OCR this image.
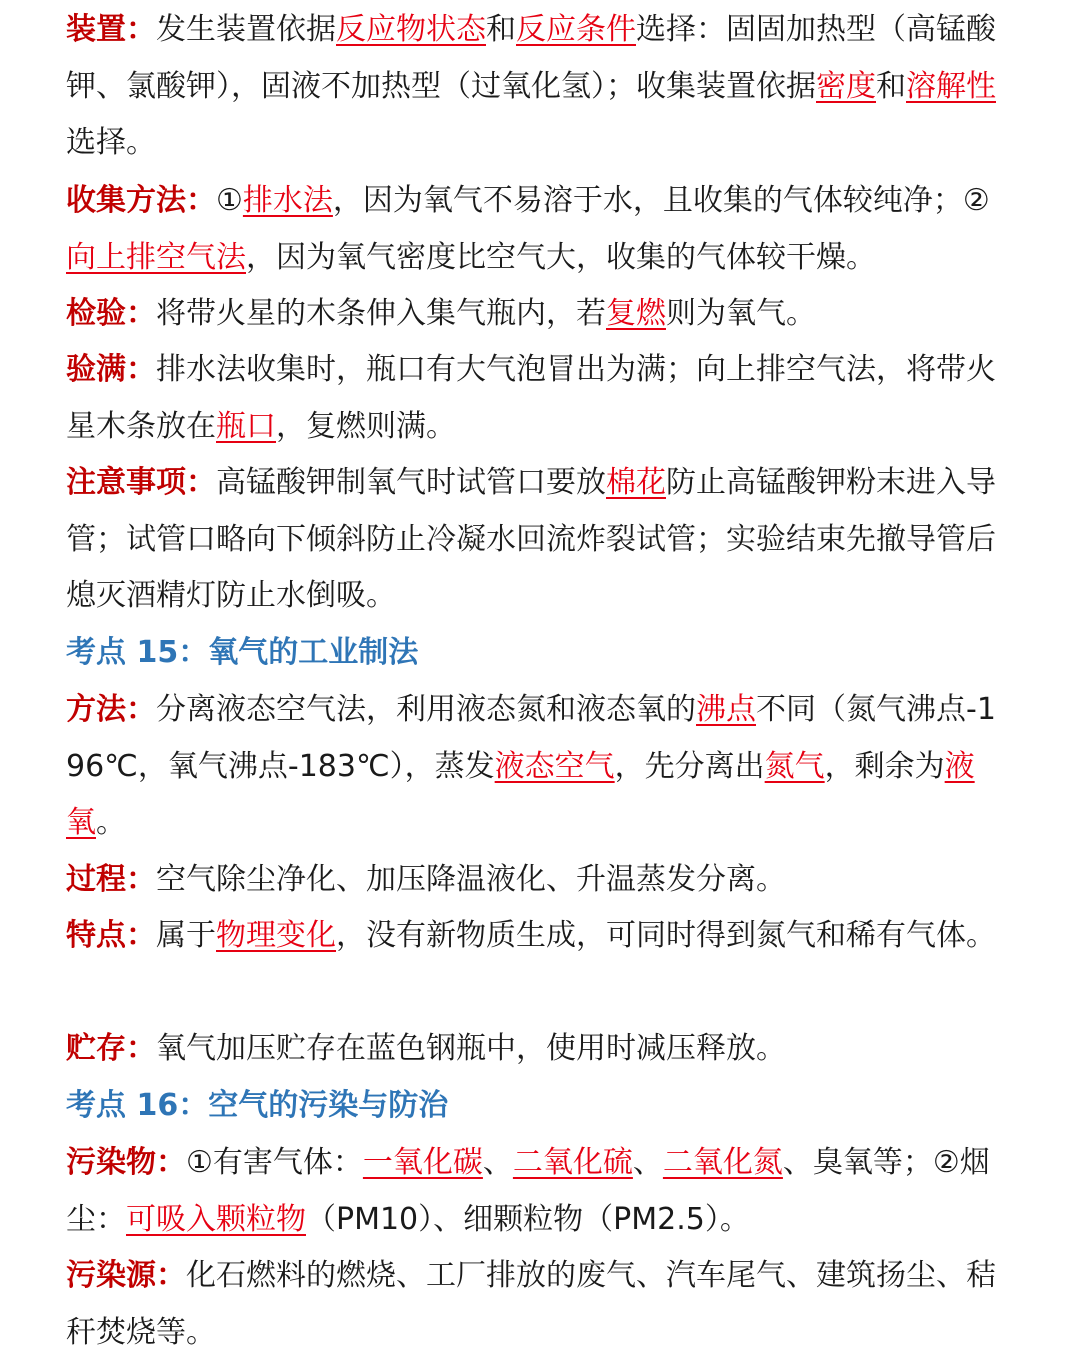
装置：发生装置依据反应物状态和反应条件选择：固固加热型（高锰酸钾、氯酸钾），固液不加热型（过氧化氢）；收集装置依据密度和溶解性选择。

收集方法：①排水法，因为氧气不易溶于水，且收集的气体较纯净；②向上排空气法，因为氧气密度比空气大，收集的气体较干燥。

检验：将带火星的木条伸入集气瓶内，若复燃则为氧气。

验满：排水法收集时，瓶口有大气泡冒出为满；向上排空气法，将带火星木条放在瓶口，复燃则满。

注意事项：高锰酸钾制氧气时试管口要放棉花防止高锰酸钾粉末进入导管；试管口略向下倾斜防止冷凝水回流炸裂试管；实验结束先撤导管后熄灭酒精灯防止水倒吸。

考点 15：氧气的工业制法

方法：分离液态空气法，利用液态氮和液态氧的沸点不同（氮气沸点-196℃，氧气沸点-183℃），蒸发液态空气，先分离出氮气，剩余为液氧。

过程：空气除尘净化、加压降温液化、升温蒸发分离。

特点：属于物理变化，没有新物质生成，可同时得到氮气和稀有气体。

贮存：氧气加压贮存在蓝色钢瓶中，使用时减压释放。

考点 16：空气的污染与防治

污染物：①有害气体：一氧化碳、二氧化硫、二氧化氮、臭氧等；②烟尘：可吸入颗粒物（PM10）、细颗粒物（PM2.5）。

污染源：化石燃料的燃烧、工厂排放的废气、汽车尾气、建筑扬尘、秸秆焚烧等。
